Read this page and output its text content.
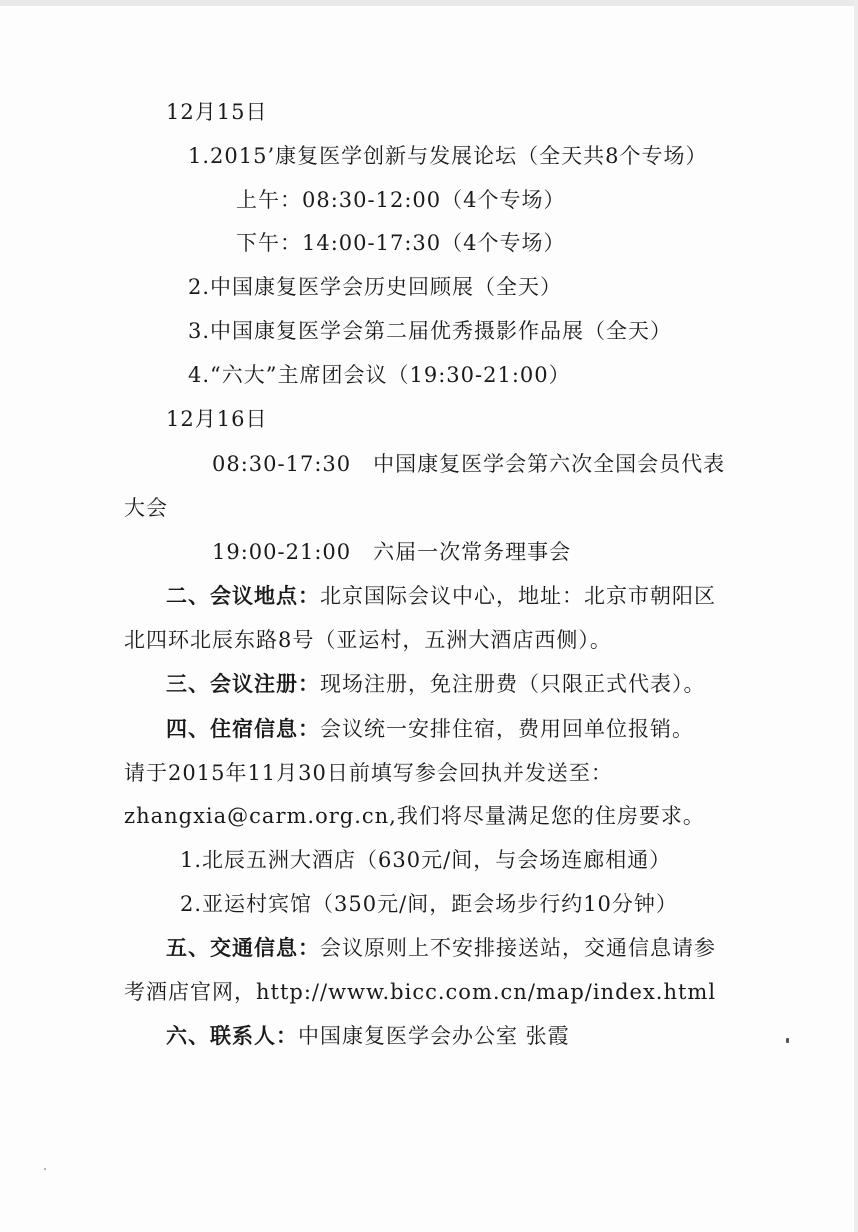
12月15日
1.2015’康复医学创新与发展论坛（全天共8个专场）
上午：08:30-12:00（4个专场）
下午：14:00-17:30（4个专场）
2.中国康复医学会历史回顾展（全天）
3.中国康复医学会第二届优秀摄影作品展（全天）
4.“六大”主席团会议（19:30-21:00）
12月16日
08:30-17:30　中国康复医学会第六次全国会员代表
大会
19:00-21:00　六届一次常务理事会
二、会议地点：北京国际会议中心，地址：北京市朝阳区
北四环北辰东路8号（亚运村，五洲大酒店西侧）。
三、会议注册：现场注册，免注册费（只限正式代表）。
四、住宿信息：会议统一安排住宿，费用回单位报销。
请于2015年11月30日前填写参会回执并发送至：
zhangxia@carm.org.cn,我们将尽量满足您的住房要求。
1.北辰五洲大酒店（630元/间，与会场连廊相通）
2.亚运村宾馆（350元/间，距会场步行约10分钟）
五、交通信息：会议原则上不安排接送站，交通信息请参
考酒店官网，http://www.bicc.com.cn/map/index.html
六、联系人：中国康复医学会办公室 张霞
